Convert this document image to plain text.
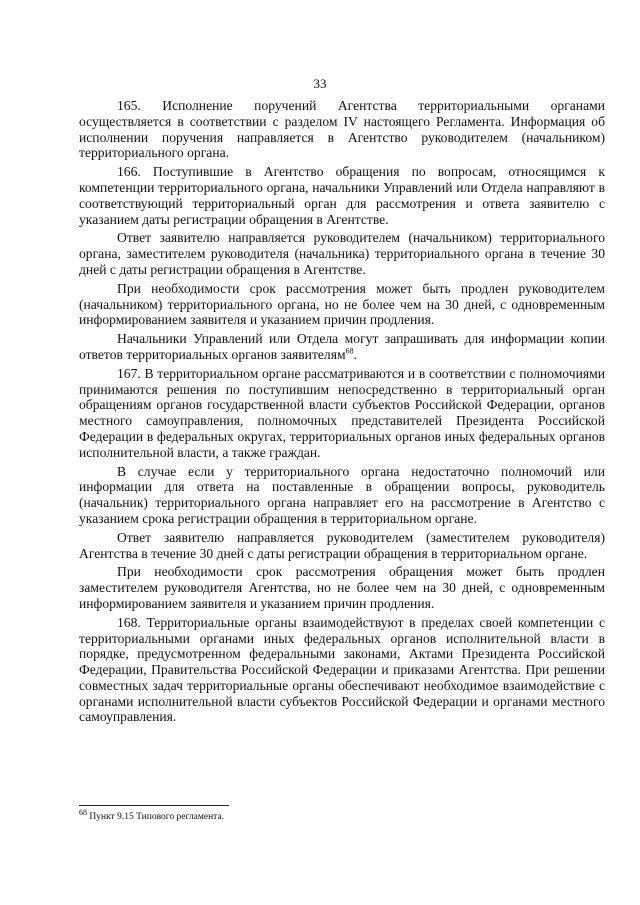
33

165. Исполнение поручений Агентства территориальными органами осуществляется в соответствии с разделом IV настоящего Регламента. Информация об исполнении поручения направляется в Агентство руководителем (начальником) территориального органа.

166. Поступившие в Агентство обращения по вопросам, относящимся к компетенции территориального органа, начальники Управлений или Отдела направляют в соответствующий территориальный орган для рассмотрения и ответа заявителю с указанием даты регистрации обращения в Агентстве.

Ответ заявителю направляется руководителем (начальником) территориального органа, заместителем руководителя (начальника) территориального органа в течение 30 дней с даты регистрации обращения в Агентстве.

При необходимости срок рассмотрения может быть продлен руководителем (начальником) территориального органа, но не более чем на 30 дней, с одновременным информированием заявителя и указанием причин продления.

Начальники Управлений или Отдела могут запрашивать для информации копии ответов территориальных органов заявителям$^{68}$.

167. В территориальном органе рассматриваются и в соответствии с полномочиями принимаются решения по поступившим непосредственно в территориальный орган обращениям органов государственной власти субъектов Российской Федерации, органов местного самоуправления, полномочных представителей Президента Российской Федерации в федеральных округах, территориальных органов иных федеральных органов исполнительной власти, а также граждан.

В случае если у территориального органа недостаточно полномочий или информации для ответа на поставленные в обращении вопросы, руководитель (начальник) территориального органа направляет его на рассмотрение в Агентство с указанием срока регистрации обращения в территориальном органе.

Ответ заявителю направляется руководителем (заместителем руководителя) Агентства в течение 30 дней с даты регистрации обращения в территориальном органе.

При необходимости срок рассмотрения обращения может быть продлен заместителем руководителя Агентства, но не более чем на 30 дней, с одновременным информированием заявителя и указанием причин продления.

168. Территориальные органы взаимодействуют в пределах своей компетенции с территориальными органами иных федеральных органов исполнительной власти в порядке, предусмотренном федеральными законами, Актами Президента Российской Федерации, Правительства Российской Федерации и приказами Агентства. При решении совместных задач территориальные органы обеспечивают необходимое взаимодействие с органами исполнительной власти субъектов Российской Федерации и органами местного самоуправления.

$^{68}$ Пункт 9.15 Типового регламента.
